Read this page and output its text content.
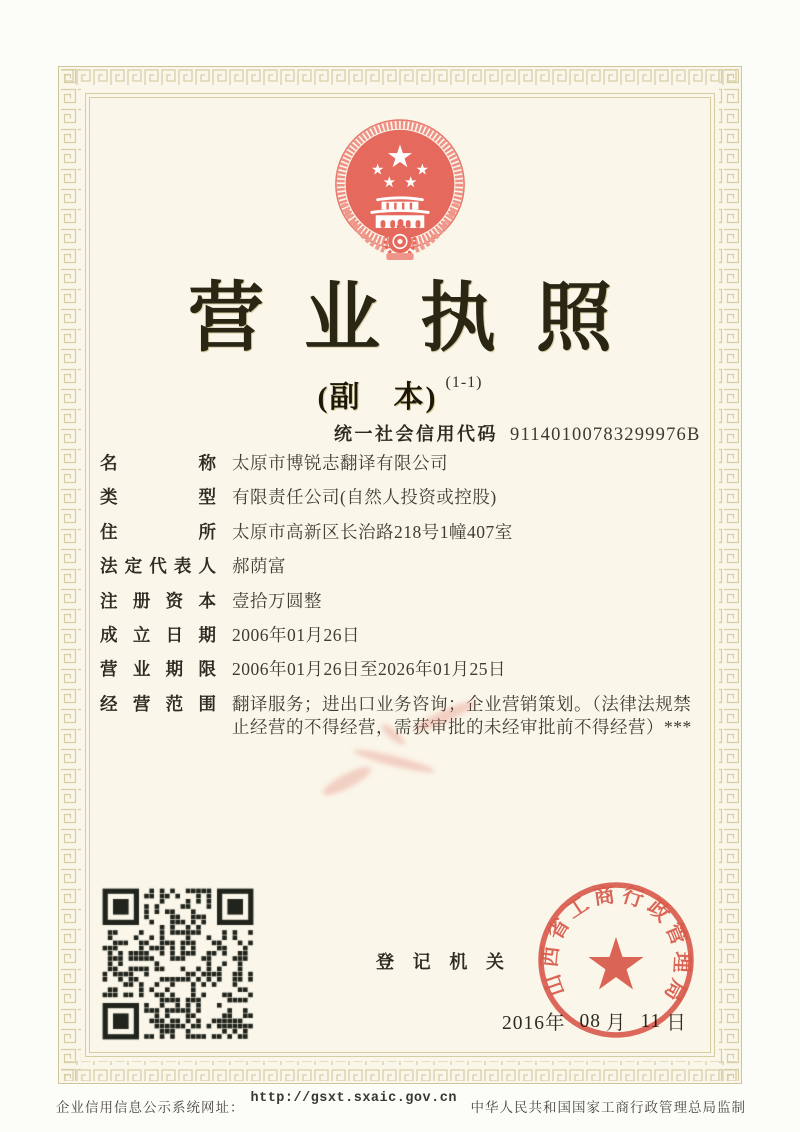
营 业 执 照
(副　本) (1-1)
统一社会信用代码 91140100783299976B
名	称 太原市博锐志翻译有限公司
类	型 有限责任公司(自然人投资或控股)
住	所 太原市高新区长治路218号1幢407室
法 定 代 表 人 郝荫富
注 册 资 本 壹拾万圆整
成 立 日 期 2006年01月26日
营 业 期 限 2006年01月26日至2026年01月25日
经 营 范 围 翻译服务；进出口业务咨询；企业营销策划。（法律法规禁止经营的不得经营，需获审批的未经审批前不得经营）***
登 记 机 关
山西省工商行政管理局
2016年 08 月 11 日
企业信用信息公示系统网址：
http://gsxt.sxaic.gov.cn
中华人民共和国国家工商行政管理总局监制
